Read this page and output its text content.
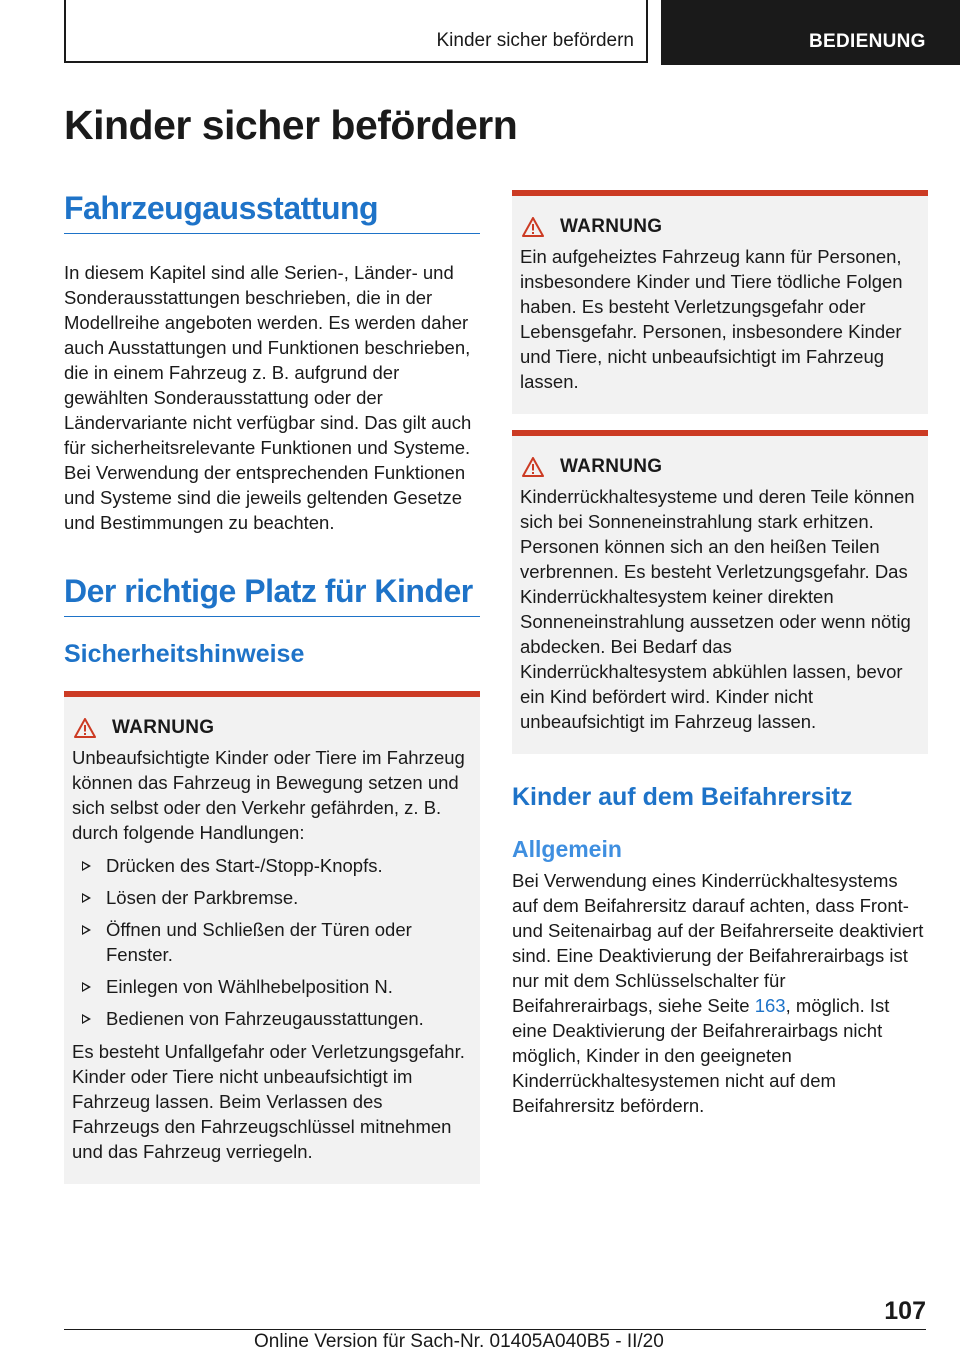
Kinder sicher befördern	BEDIENUNG
Kinder sicher befördern
Fahrzeugausstattung

In diesem Kapitel sind alle Serien-, Länder- und Sonderausstattungen beschrieben, die in der Modellreihe angeboten werden. Es werden daher auch Ausstattungen und Funktionen beschrieben, die in einem Fahrzeug z. B. aufgrund der gewählten Sonderausstattung oder der Ländervariante nicht verfügbar sind. Das gilt auch für sicherheitsrelevante Funktionen und Systeme. Bei Verwendung der entsprechenden Funktionen und Systeme sind die jeweils geltenden Gesetze und Bestimmungen zu beachten.

Der richtige Platz für Kinder
Sicherheitshinweise
WARNUNG

Unbeaufsichtigte Kinder oder Tiere im Fahrzeug können das Fahrzeug in Bewegung setzen und sich selbst oder den Verkehr gefährden, z. B. durch folgende Handlungen:

Drücken des Start-/Stopp-Knopfs.
Lösen der Parkbremse.
Öffnen und Schließen der Türen oder Fenster.
Einlegen von Wählhebelposition N.
Bedienen von Fahrzeugausstattungen.

Es besteht Unfallgefahr oder Verletzungsgefahr. Kinder oder Tiere nicht unbeaufsichtigt im Fahrzeug lassen. Beim Verlassen des Fahrzeugs den Fahrzeugschlüssel mitnehmen und das Fahrzeug verriegeln.

WARNUNG

Ein aufgeheiztes Fahrzeug kann für Personen, insbesondere Kinder und Tiere tödliche Folgen haben. Es besteht Verletzungsgefahr oder Lebensgefahr. Personen, insbesondere Kinder und Tiere, nicht unbeaufsichtigt im Fahrzeug lassen.

WARNUNG

Kinderrückhaltesysteme und deren Teile können sich bei Sonneneinstrahlung stark erhitzen. Personen können sich an den heißen Teilen verbrennen. Es besteht Verletzungsgefahr. Das Kinderrückhaltesystem keiner direkten Sonneneinstrahlung aussetzen oder wenn nötig abdecken. Bei Bedarf das Kinderrückhaltesystem abkühlen lassen, bevor ein Kind befördert wird. Kinder nicht unbeaufsichtigt im Fahrzeug lassen.

Kinder auf dem Beifahrersitz
Allgemein

Bei Verwendung eines Kinderrückhaltesystems auf dem Beifahrersitz darauf achten, dass Front- und Seitenairbag auf der Beifahrerseite deaktiviert sind. Eine Deaktivierung der Beifahrerairbags ist nur mit dem Schlüsselschalter für Beifahrerairbags, siehe Seite 163, möglich. Ist eine Deaktivierung der Beifahrerairbags nicht möglich, Kinder in den geeigneten Kinderrückhaltesystemen nicht auf dem Beifahrersitz befördern.

107
Online Version für Sach-Nr. 01405A040B5 - II/20
